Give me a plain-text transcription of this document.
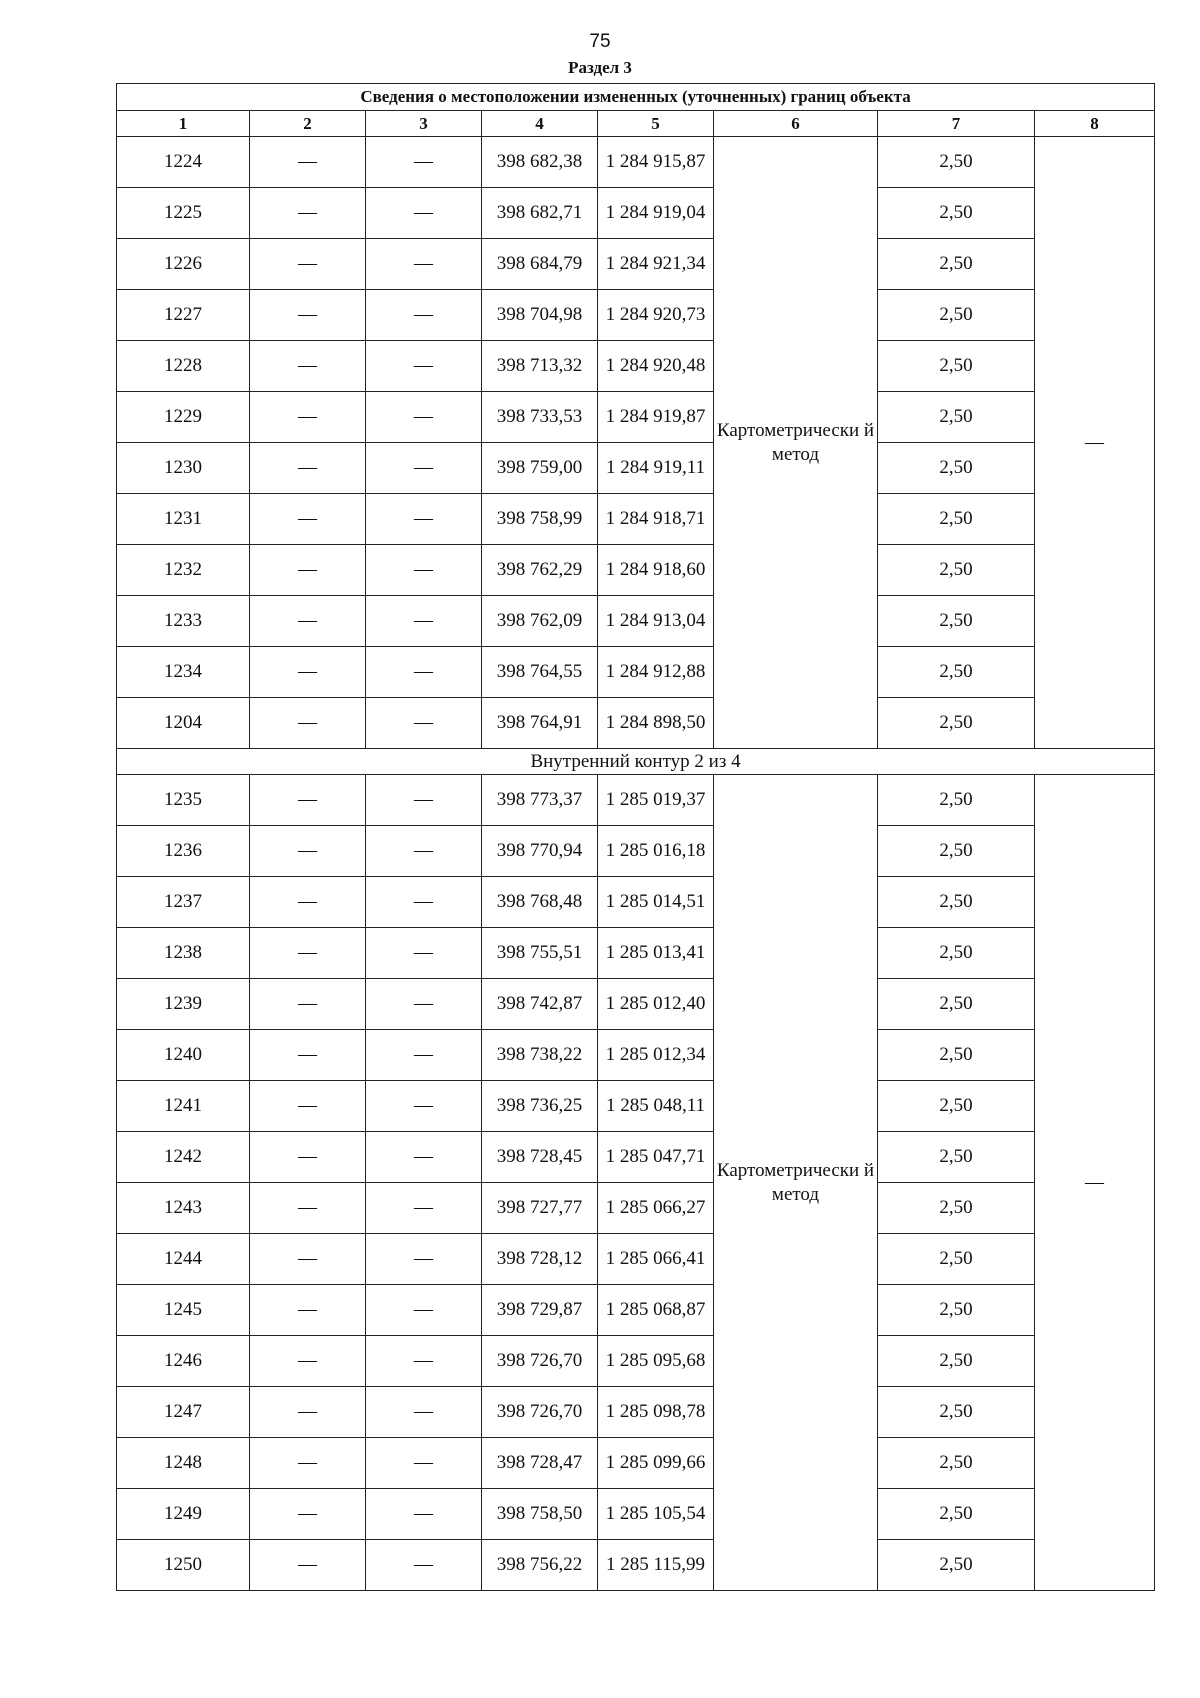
75
Раздел 3
Сведения о местоположении измененных (уточненных) границ объекта							
1	2	3	4	5	6	7	8
1224	—	—	398 682,38	1 284 915,87	Картометрически й метод	2,50	—
1225	—	—	398 682,71	1 284 919,04		2,50	
1226	—	—	398 684,79	1 284 921,34		2,50	
1227	—	—	398 704,98	1 284 920,73		2,50	
1228	—	—	398 713,32	1 284 920,48		2,50	
1229	—	—	398 733,53	1 284 919,87		2,50	
1230	—	—	398 759,00	1 284 919,11		2,50	
1231	—	—	398 758,99	1 284 918,71		2,50	
1232	—	—	398 762,29	1 284 918,60		2,50	
1233	—	—	398 762,09	1 284 913,04		2,50	
1234	—	—	398 764,55	1 284 912,88		2,50	
1204	—	—	398 764,91	1 284 898,50		2,50	
Внутренний контур 2 из 4							
1235	—	—	398 773,37	1 285 019,37	Картометрически й метод	2,50	—
1236	—	—	398 770,94	1 285 016,18		2,50	
1237	—	—	398 768,48	1 285 014,51		2,50	
1238	—	—	398 755,51	1 285 013,41		2,50	
1239	—	—	398 742,87	1 285 012,40		2,50	
1240	—	—	398 738,22	1 285 012,34		2,50	
1241	—	—	398 736,25	1 285 048,11		2,50	
1242	—	—	398 728,45	1 285 047,71		2,50	
1243	—	—	398 727,77	1 285 066,27		2,50	
1244	—	—	398 728,12	1 285 066,41		2,50	
1245	—	—	398 729,87	1 285 068,87		2,50	
1246	—	—	398 726,70	1 285 095,68		2,50	
1247	—	—	398 726,70	1 285 098,78		2,50	
1248	—	—	398 728,47	1 285 099,66		2,50	
1249	—	—	398 758,50	1 285 105,54		2,50	
1250	—	—	398 756,22	1 285 115,99		2,50	
